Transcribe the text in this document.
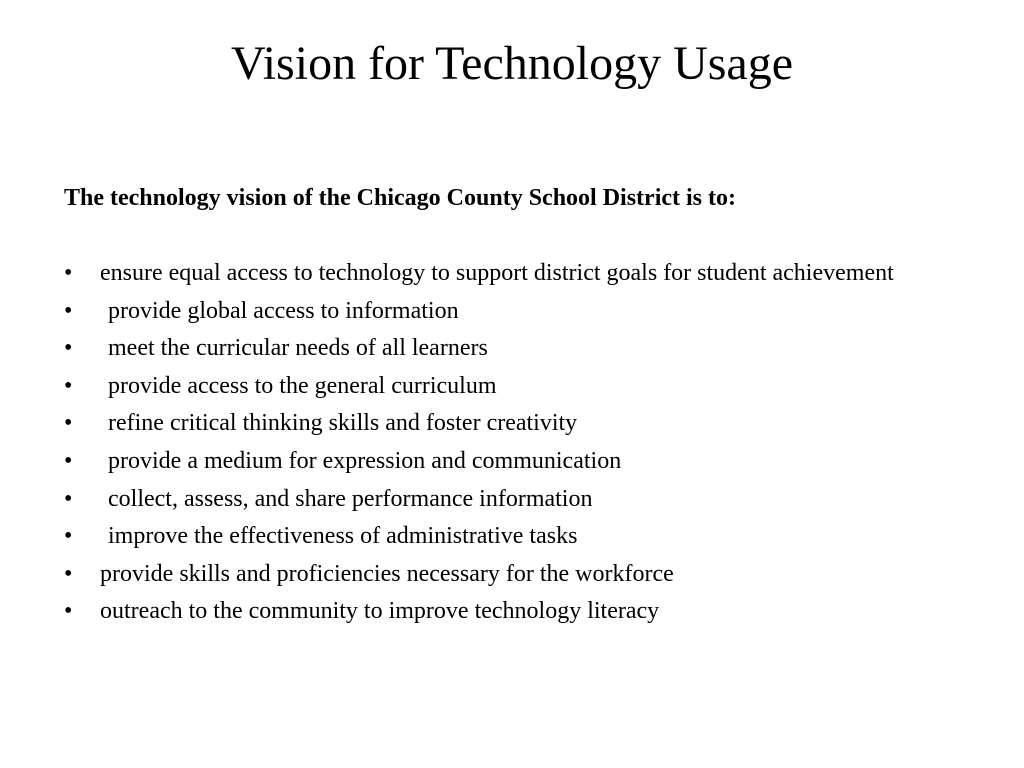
Vision for Technology Usage

The technology vision of the Chicago County School District is to:

•	ensure equal access to technology to support district goals for student achievement
•	provide global access to information
•	meet the curricular needs of all learners
•	provide access to the general curriculum
•	refine critical thinking skills and foster creativity
•	provide a medium for expression and communication
•	collect, assess, and share performance information
•	improve the effectiveness of administrative tasks
•	provide skills and proficiencies necessary for the workforce
•	outreach to the community to improve technology literacy
